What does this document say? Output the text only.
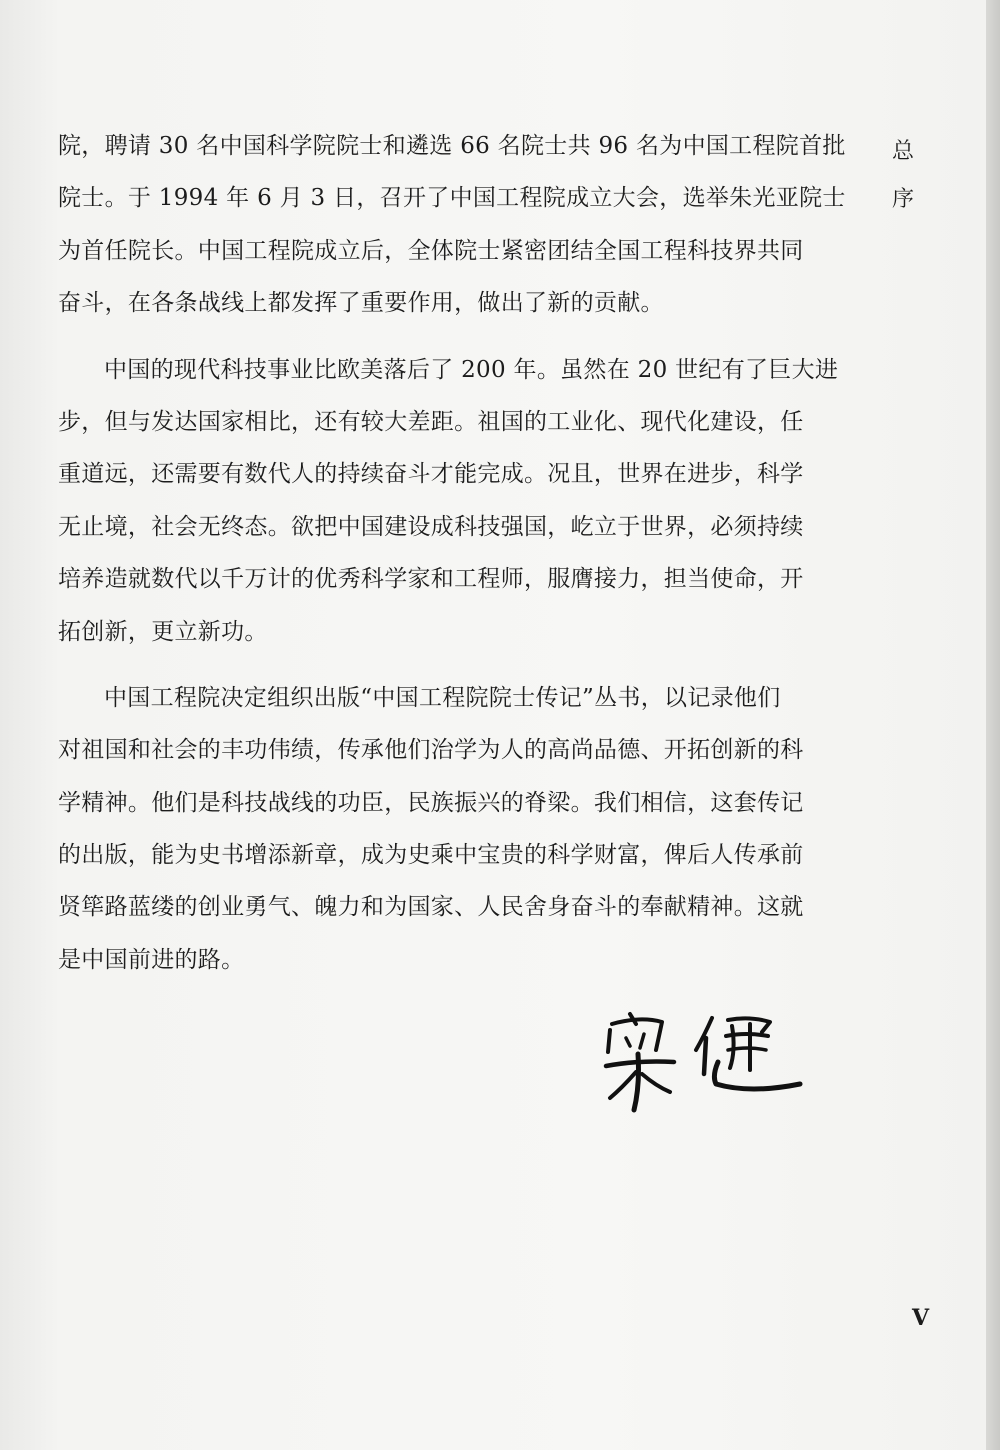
总
序
院，聘请 30 名中国科学院院士和遴选 66 名院士共 96 名为中国工程院首批
院士。于 1994 年 6 月 3 日，召开了中国工程院成立大会，选举朱光亚院士
为首任院长。中国工程院成立后，全体院士紧密团结全国工程科技界共同
奋斗，在各条战线上都发挥了重要作用，做出了新的贡献。
中国的现代科技事业比欧美落后了 200 年。虽然在 20 世纪有了巨大进
步，但与发达国家相比，还有较大差距。祖国的工业化、现代化建设，任
重道远，还需要有数代人的持续奋斗才能完成。况且，世界在进步，科学
无止境，社会无终态。欲把中国建设成科技强国，屹立于世界，必须持续
培养造就数代以千万计的优秀科学家和工程师，服膺接力，担当使命，开
拓创新，更立新功。
中国工程院决定组织出版“中国工程院院士传记”丛书，以记录他们
对祖国和社会的丰功伟绩，传承他们治学为人的高尚品德、开拓创新的科
学精神。他们是科技战线的功臣，民族振兴的脊梁。我们相信，这套传记
的出版，能为史书增添新章，成为史乘中宝贵的科学财富，俾后人传承前
贤筚路蓝缕的创业勇气、魄力和为国家、人民舍身奋斗的奉献精神。这就
是中国前进的路。
V
